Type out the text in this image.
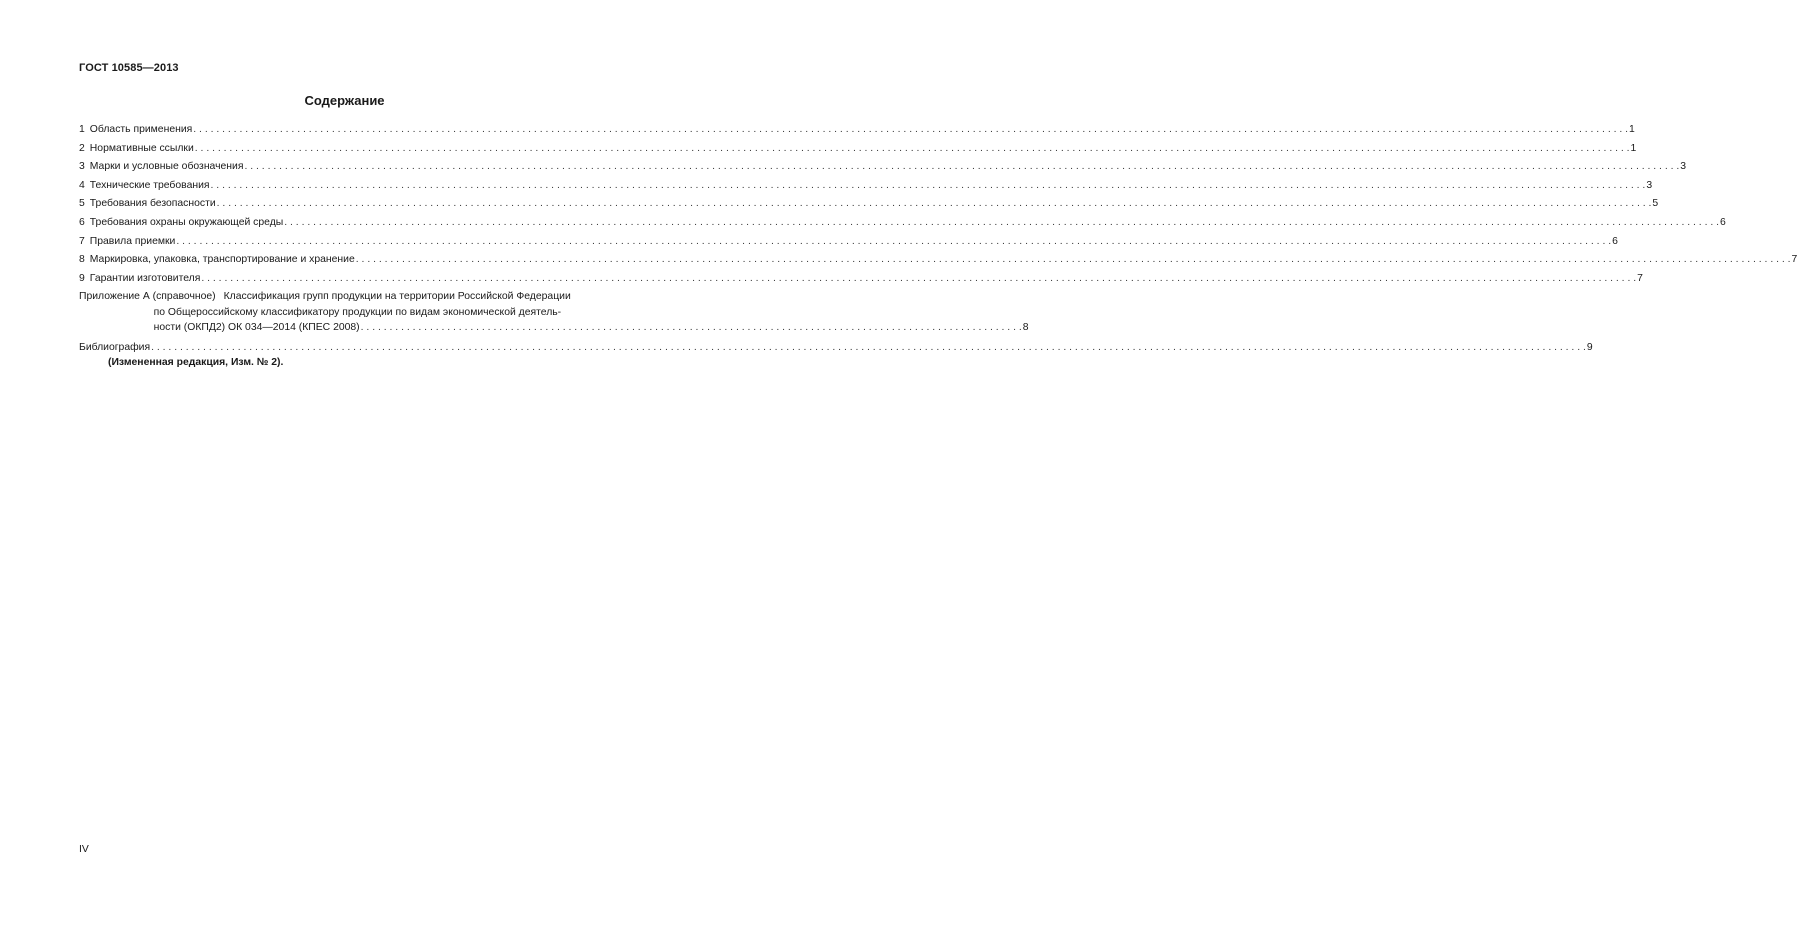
ГОСТ 10585—2013
Содержание
1 Область применения . . .	1
2 Нормативные ссылки . . .	1
3 Марки и условные обозначения . . .	3
4 Технические требования . . .	3
5 Требования безопасности . . .	5
6 Требования охраны окружающей среды . . .	6
7 Правила приемки . . .	6
8 Маркировка, упаковка, транспортирование и хранение . . .	7
9 Гарантии изготовителя . . .	7
Приложение А (справочное) Классификация групп продукции на территории Российской Федерации
по Общероссийскому классификатору продукции по видам экономической деятель-
ности (ОКПД2) ОК 034—2014 (КПЕС 2008) . . .	8
Библиография . . .	9
(Измененная редакция, Изм. № 2).
IV
